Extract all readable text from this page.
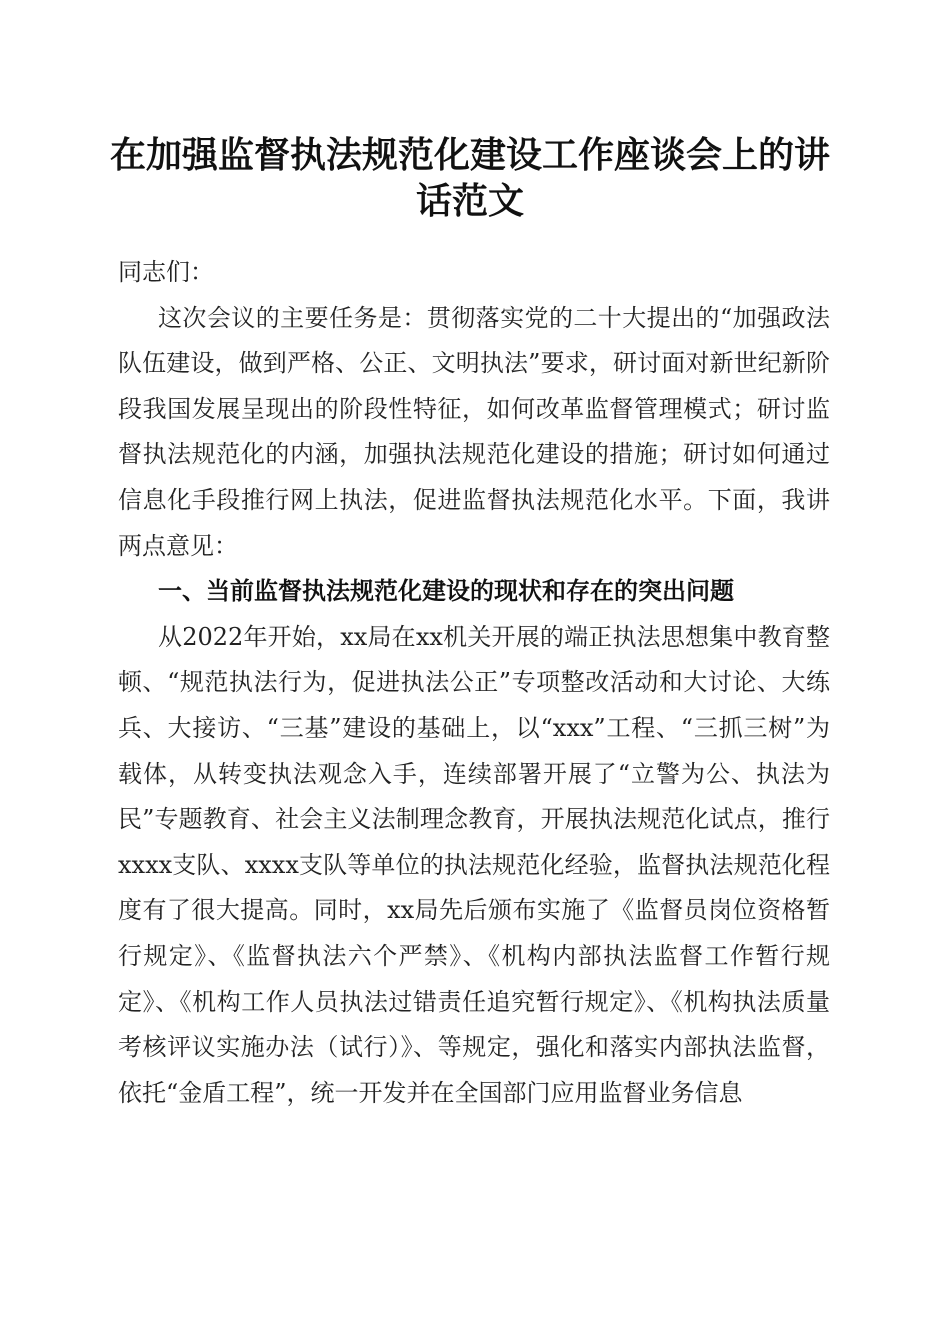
在加强监督执法规范化建设工作座谈会上的讲
话范文

同志们：

这次会议的主要任务是：贯彻落实党的二十大提出的“加强政法队伍建设，做到严格、公正、文明执法”要求，研讨面对新世纪新阶段我国发展呈现出的阶段性特征，如何改革监督管理模式；研讨监督执法规范化的内涵，加强执法规范化建设的措施；研讨如何通过信息化手段推行网上执法，促进监督执法规范化水平。下面，我讲两点意见：

一、当前监督执法规范化建设的现状和存在的突出问题

从2022年开始，xx局在xx机关开展的端正执法思想集中教育整顿、“规范执法行为，促进执法公正”专项整改活动和大讨论、大练兵、大接访、“三基”建设的基础上，以“xxx”工程、“三抓三树”为载体，从转变执法观念入手，连续部署开展了“立警为公、执法为民”专题教育、社会主义法制理念教育，开展执法规范化试点，推行xxxx支队、xxxx支队等单位的执法规范化经验，监督执法规范化程度有了很大提高。同时，xx局先后颁布实施了《监督员岗位资格暂行规定》、《监督执法六个严禁》、《机构内部执法监督工作暂行规定》、《机构工作人员执法过错责任追究暂行规定》、《机构执法质量考核评议实施办法（试行）》、等规定，强化和落实内部执法监督，依托“金盾工程”，统一开发并在全国部门应用监督业务信息
